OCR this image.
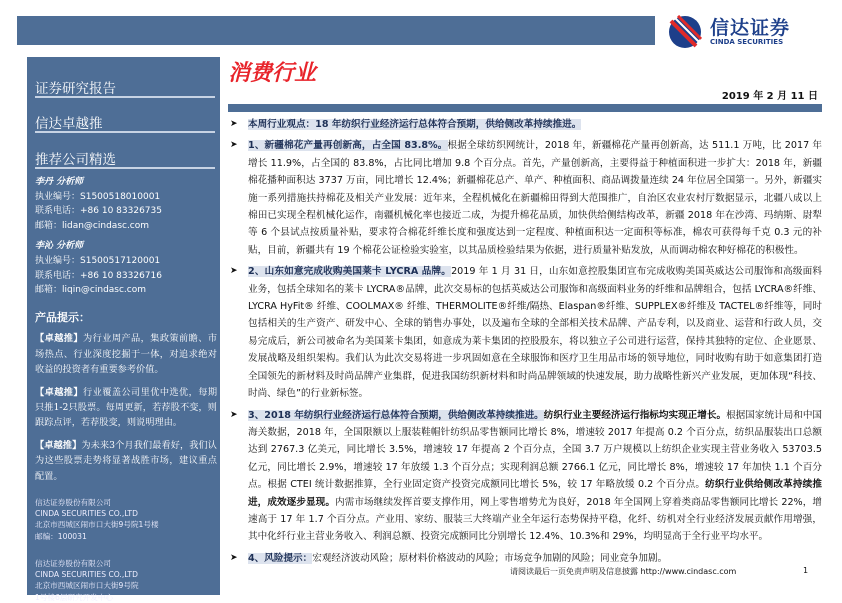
信达证券
CINDA SECURITIES
证券研究报告
信达卓越推
推荐公司精选
李丹 分析师
执业编号：S1500518010001
联系电话：+86 10 83326735
邮箱：lidan@cindasc.com
李沁 分析师
执业编号：S1500517120001
联系电话：+86 10 83326716
邮箱：liqin@cindasc.com
产品提示：

【卓越推】为行业周产品，集政策前瞻、市场热点、行业深度挖掘于一体，对追求绝对收益的投资者有重要参考价值。

【卓越推】行业覆盖公司里优中选优，每期只推1-2只股票。每周更新，若荐股不变，则跟踪点评，若荐股变，则说明理由。

【卓越推】为未来3个月我们最看好，我们认为这些股票走势将显著战胜市场，建议重点配置。

信达证券股份有限公司
CINDA SECURITIES CO.,LTD
北京市西城区闹市口大街9号院1号楼
邮编：100031
信达证券股份有限公司
CINDA SECURITIES CO.,LTD
北京市西城区闹市口大街9号院
1号楼6层研究开发中心
消费行业
2019 年 2 月 11 日
➤ 本周行业观点：18 年纺织行业经济运行总体符合预期，供给侧改革持续推进。
➤ 1、新疆棉花产量再创新高，占全国 83.8%。根据全球纺织网统计，2018 年，新疆棉花产量再创新高，达 511.1 万吨，比 2017 年增长 11.9%，占全国的 83.8%，占比同比增加 9.8 个百分点。首先，产量创新高，主要得益于种植面积进一步扩大：2018 年，新疆棉花播种面积达 3737 万亩，同比增长 12.4%；新疆棉花总产、单产、种植面积、商品调拨量连续 24 年位居全国第一。另外，新疆实施一系列措施扶持棉花及相关产业发展：近年来，全程机械化在新疆棉田得到大范围推广，自治区农业农村厅数据显示，北疆八成以上棉田已实现全程机械化运作，南疆机械化率也接近二成，为提升棉花品质，加快供给侧结构改革，新疆 2018 年在沙湾、玛纳斯、尉犁等 6 个县试点按质量补贴，要求符合棉花纤维长度和强度达到一定程度、种植面积达一定面积等标准，棉农可获得每千克 0.3 元的补贴，目前，新疆共有 19 个棉花公证检验实验室，以其品质检验结果为依据，进行质量补贴发放，从而调动棉农种好棉花的积极性。
➤ 2、山东如意完成收购美国莱卡 LYCRA 品牌。2019 年 1 月 31 日，山东如意控股集团宣布完成收购美国英威达公司服饰和高级面料业务，包括全球知名的莱卡 LYCRA®品牌，此次交易标的包括英威达公司服饰和高级面料业务的纤维和品牌组合，包括 LYCRA®纤维、LYCRA HyFit® 纤维、COOLMAX® 纤维、THERMOLITE®纤维/隔热、Elaspan®纤维、SUPPLEX®纤维及 TACTEL®纤维等，同时包括相关的生产资产、研发中心、全球的销售办事处，以及遍布全球的全部相关技术品牌、产品专利，以及商业、运营和行政人员，交易完成后，新公司被命名为美国莱卡集团，如意成为莱卡集团的控股股东，将以独立子公司进行运营，保持其独特的定位、企业愿景、发展战略及组织架构。我们认为此次交易将进一步巩固如意在全球服饰和医疗卫生用品市场的领导地位，同时收购有助于如意集团打造全国领先的新材料及时尚品牌产业集群，促进我国纺织新材料和时尚品牌领域的快速发展，助力战略性新兴产业发展，更加体现“科技、时尚、绿色”的行业新标签。
➤ 3、2018 年纺织行业经济运行总体符合预期，供给侧改革持续推进。纺织行业主要经济运行指标均实现正增长。根据国家统计局和中国海关数据，2018 年，全国限额以上服装鞋帽针纺织品零售额同比增长 8%，增速较 2017 年提高 0.2 个百分点，纺织品服装出口总额达到 2767.3 亿美元，同比增长 3.5%，增速较 17 年提高 2 个百分点，全国 3.7 万户规模以上纺织企业实现主营业务收入 53703.5 亿元，同比增长 2.9%，增速较 17 年放缓 1.3 个百分点；实现利润总额 2766.1 亿元，同比增长 8%，增速较 17 年加快 1.1 个百分点。根据 CTEI 统计数据推算，全行业固定资产投资完成额同比增长 5%，较 17 年略放缓 0.2 个百分点。纺织行业供给侧改革持续推进，成效逐步显现。内需市场继续发挥首要支撑作用，网上零售增势尤为良好，2018 年全国网上穿着类商品零售额同比增长 22%，增速高于 17 年 1.7 个百分点。产业用、家纺、服装三大终端产业全年运行态势保持平稳，化纤、纺机对全行业经济发展贡献作用增强，其中化纤行业主营业务收入、利润总额、投资完成额同比分别增长 12.4%、10.3%和 29%，均明显高于全行业平均水平。
➤ 4、风险提示：宏观经济波动风险；原材料价格波动的风险；市场竞争加剧的风险；同业竞争加剧。
请阅读最后一页免责声明及信息披露 http://www.cindasc.com	1
